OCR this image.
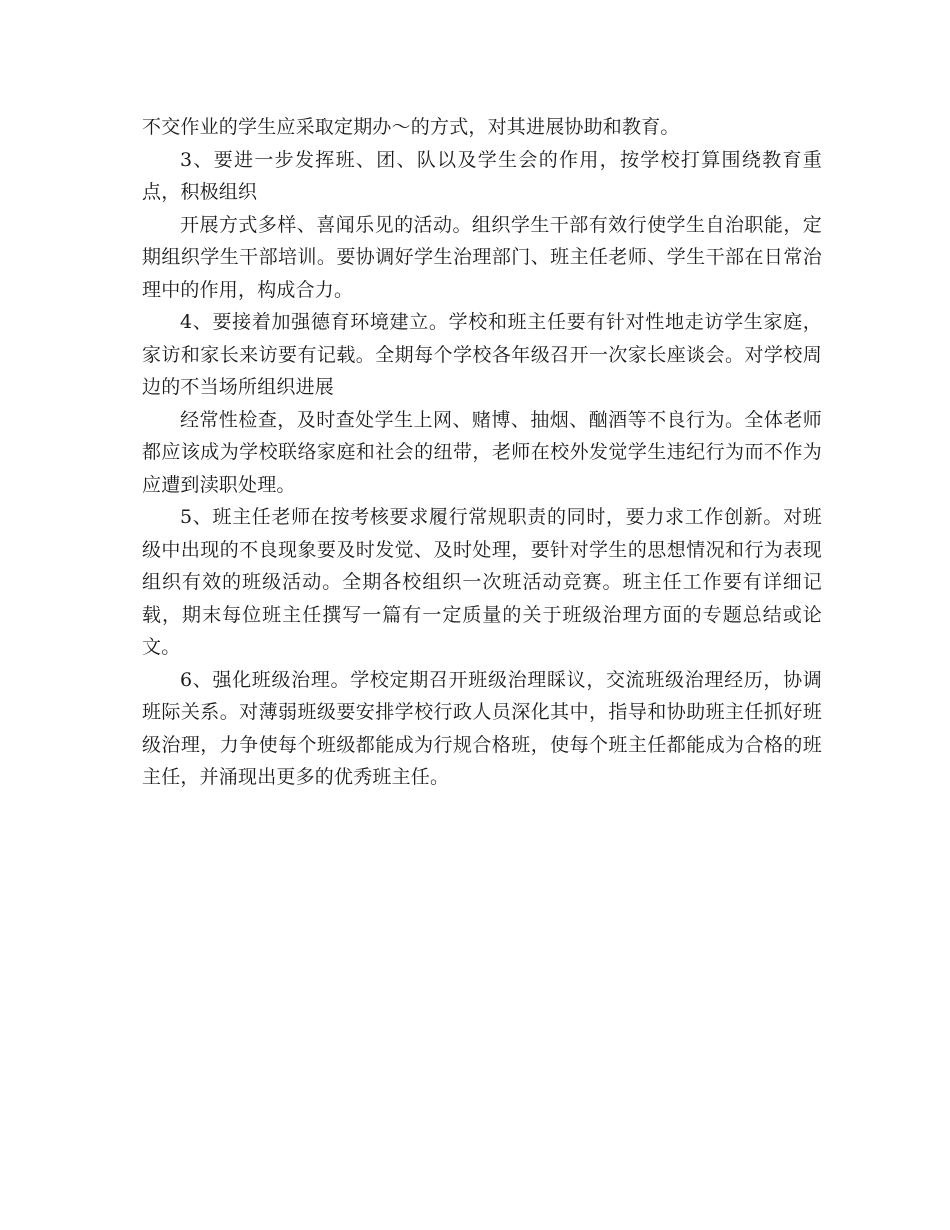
不交作业的学生应采取定期办～的方式，对其进展协助和教育。

3、要进一步发挥班、团、队以及学生会的作用，按学校打算围绕教育重点，积极组织

开展方式多样、喜闻乐见的活动。组织学生干部有效行使学生自治职能，定期组织学生干部培训。要协调好学生治理部门、班主任老师、学生干部在日常治理中的作用，构成合力。

4、要接着加强德育环境建立。学校和班主任要有针对性地走访学生家庭，家访和家长来访要有记载。全期每个学校各年级召开一次家长座谈会。对学校周边的不当场所组织进展

经常性检查，及时查处学生上网、赌博、抽烟、酗酒等不良行为。全体老师都应该成为学校联络家庭和社会的纽带，老师在校外发觉学生违纪行为而不作为应遭到渎职处理。

5、班主任老师在按考核要求履行常规职责的同时，要力求工作创新。对班级中出现的不良现象要及时发觉、及时处理，要针对学生的思想情况和行为表现组织有效的班级活动。全期各校组织一次班活动竞赛。班主任工作要有详细记载，期末每位班主任撰写一篇有一定质量的关于班级治理方面的专题总结或论文。

6、强化班级治理。学校定期召开班级治理睬议，交流班级治理经历，协调班际关系。对薄弱班级要安排学校行政人员深化其中，指导和协助班主任抓好班级治理，力争使每个班级都能成为行规合格班，使每个班主任都能成为合格的班主任，并涌现出更多的优秀班主任。
